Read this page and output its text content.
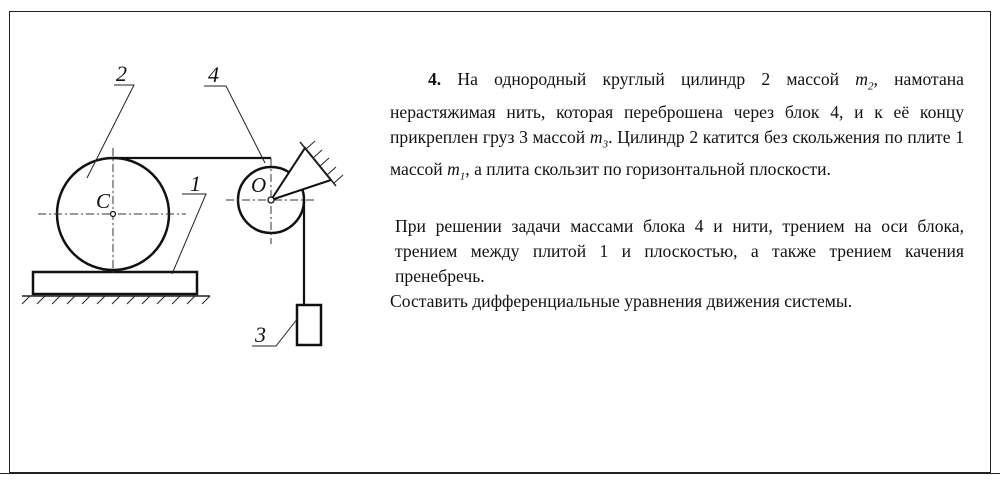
2	4
1
3
C
O

4. На однородный круглый цилиндр 2 массой $m_2$, намотана нерастяжимая нить, которая переброшена через блок 4, и к её концу прикреплен груз 3 массой $m_3$. Цилиндр 2 катится без скольжения по плите 1 массой $m_1$, а плита скользит по горизонтальной плоскости.

При решении задачи массами блока 4 и нити, трением на оси блока, трением между плитой 1 и плоскостью, а также трением качения пренебречь.

Составить дифференциальные уравнения движения системы.
